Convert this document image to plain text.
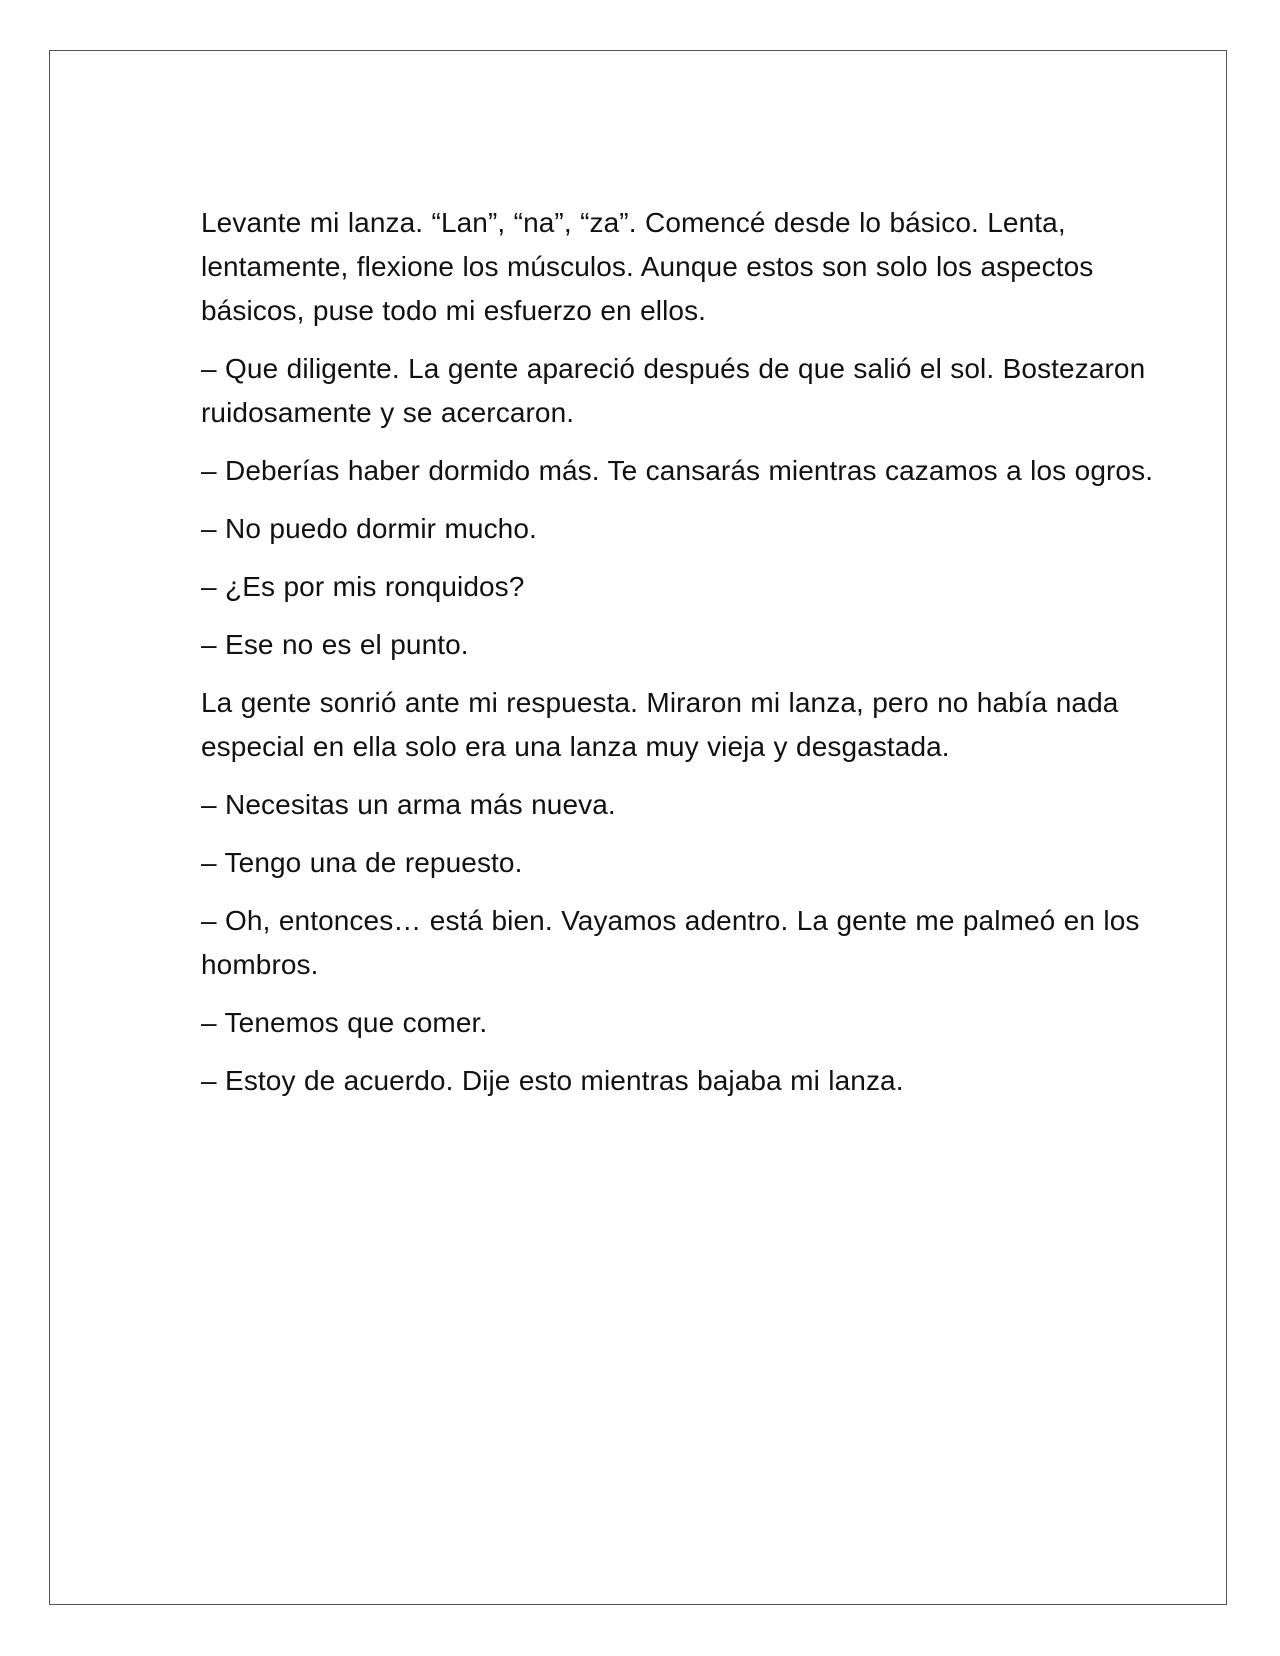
Levante mi lanza. “Lan”, “na”, “za”. Comencé desde lo básico. Lenta, lentamente, flexione los músculos. Aunque estos son solo los aspectos básicos, puse todo mi esfuerzo en ellos.

– Que diligente. La gente apareció después de que salió el sol. Bostezaron ruidosamente y se acercaron.

– Deberías haber dormido más. Te cansarás mientras cazamos a los ogros.

– No puedo dormir mucho.

– ¿Es por mis ronquidos?

– Ese no es el punto.

La gente sonrió ante mi respuesta. Miraron mi lanza, pero no había nada especial en ella solo era una lanza muy vieja y desgastada.

– Necesitas un arma más nueva.

– Tengo una de repuesto.

– Oh, entonces… está bien. Vayamos adentro. La gente me palmeó en los hombros.

– Tenemos que comer.

– Estoy de acuerdo. Dije esto mientras bajaba mi lanza.
